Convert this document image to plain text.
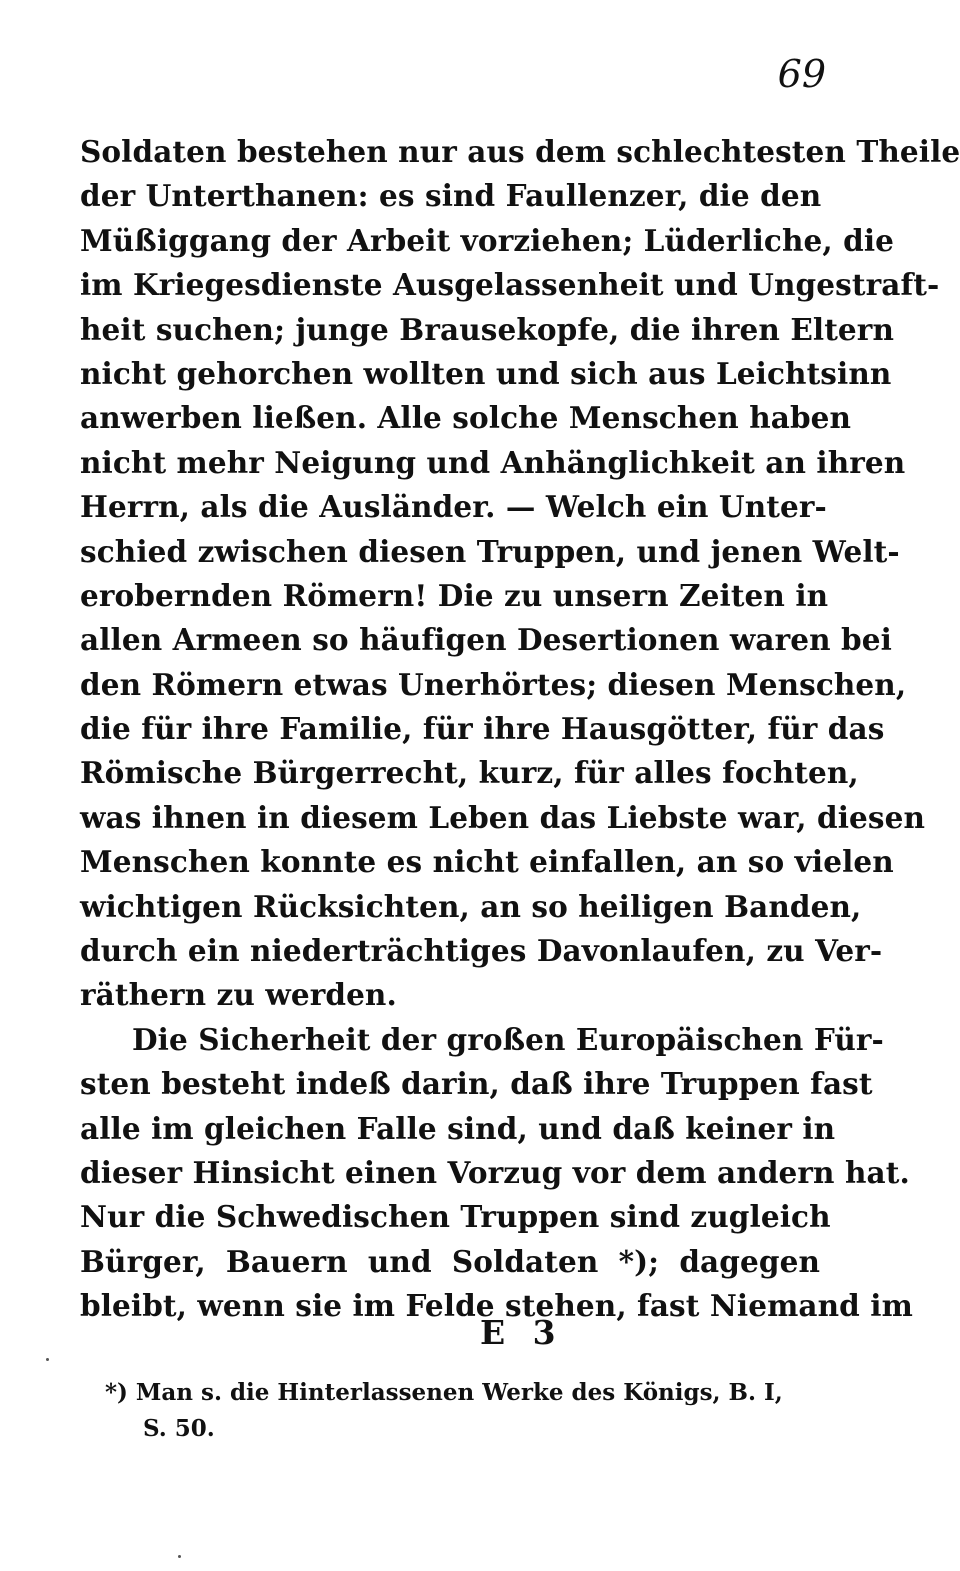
69
Soldaten bestehen nur aus dem schlechtesten Theile
der Unterthanen: es sind Faullenzer, die den
Müßiggang der Arbeit vorziehen; Lüderliche, die
im Kriegesdienste Ausgelassenheit und Ungestraft-
heit suchen; junge Brausekopfe, die ihren Eltern
nicht gehorchen wollten und sich aus Leichtsinn
anwerben ließen. Alle solche Menschen haben
nicht mehr Neigung und Anhänglichkeit an ihren
Herrn, als die Ausländer. — Welch ein Unter-
schied zwischen diesen Truppen, und jenen Welt-
erobernden Römern! Die zu unsern Zeiten in
allen Armeen so häufigen Desertionen waren bei
den Römern etwas Unerhörtes; diesen Menschen,
die für ihre Familie, für ihre Hausgötter, für das
Römische Bürgerrecht, kurz, für alles fochten,
was ihnen in diesem Leben das Liebste war, diesen
Menschen konnte es nicht einfallen, an so vielen
wichtigen Rücksichten, an so heiligen Banden,
durch ein niederträchtiges Davonlaufen, zu Ver-
räthern zu werden.
Die Sicherheit der großen Europäischen Für-
sten besteht indeß darin, daß ihre Truppen fast
alle im gleichen Falle sind, und daß keiner in
dieser Hinsicht einen Vorzug vor dem andern hat.
Nur die Schwedischen Truppen sind zugleich
Bürger, Bauern und Soldaten *); dagegen
bleibt, wenn sie im Felde stehen, fast Niemand im
E 3
*) Man s. die Hinterlassenen Werke des Königs, B. I,
S. 50.
